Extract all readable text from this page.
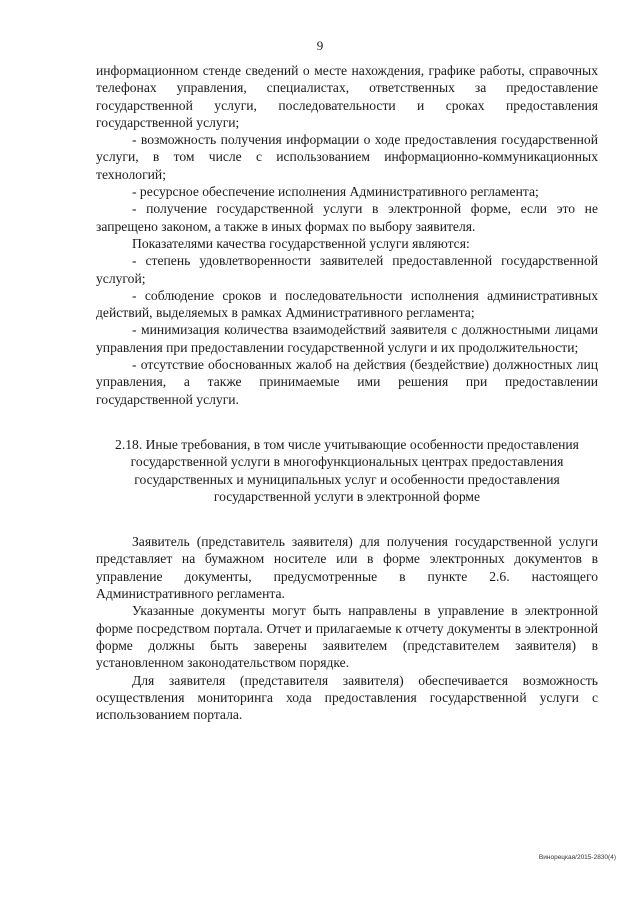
9

информационном стенде сведений о месте нахождения, графике работы, справочных телефонах управления, специалистах, ответственных за предоставление государственной услуги, последовательности и сроках предоставления государственной услуги;

- возможность получения информации о ходе предоставления государственной услуги, в том числе с использованием информационно-коммуникационных технологий;

- ресурсное обеспечение исполнения Административного регламента;

- получение государственной услуги в электронной форме, если это не запрещено законом, а также в иных формах по выбору заявителя.

Показателями качества государственной услуги являются:

- степень удовлетворенности заявителей предоставленной государственной услугой;

- соблюдение сроков и последовательности исполнения административных действий, выделяемых в рамках Административного регламента;

- минимизация количества взаимодействий заявителя с должностными лицами управления при предоставлении государственной услуги и их продолжительности;

- отсутствие обоснованных жалоб на действия (бездействие) должностных лиц управления, а также принимаемые ими решения при предоставлении государственной услуги.

2.18. Иные требования, в том числе учитывающие особенности предоставления государственной услуги в многофункциональных центрах предоставления государственных и муниципальных услуг и особенности предоставления государственной услуги в электронной форме

Заявитель (представитель заявителя) для получения государственной услуги представляет на бумажном носителе или в форме электронных документов в управление документы, предусмотренные в пункте 2.6. настоящего Административного регламента.

Указанные документы могут быть направлены в управление в электронной форме посредством портала. Отчет и прилагаемые к отчету документы в электронной форме должны быть заверены заявителем (представителем заявителя) в установленном законодательством порядке.

Для заявителя (представителя заявителя) обеспечивается возможность осуществления мониторинга хода предоставления государственной услуги с использованием портала.

Винорецкая/2015-2830(4)
